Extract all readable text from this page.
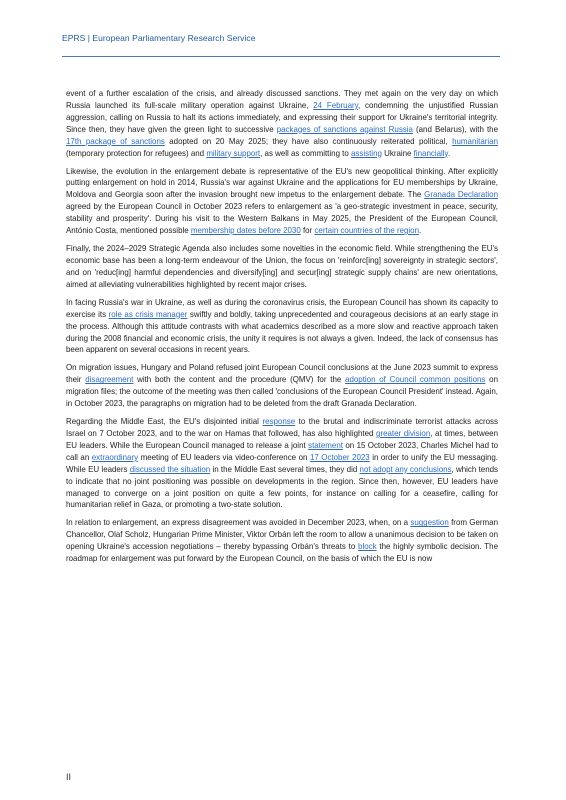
EPRS | European Parliamentary Research Service

event of a further escalation of the crisis, and already discussed sanctions. They met again on the very day on which Russia launched its full-scale military operation against Ukraine, 24 February, condemning the unjustified Russian aggression, calling on Russia to halt its actions immediately, and expressing their support for Ukraine's territorial integrity. Since then, they have given the green light to successive packages of sanctions against Russia (and Belarus), with the 17th package of sanctions adopted on 20 May 2025; they have also continuously reiterated political, humanitarian (temporary protection for refugees) and military support, as well as committing to assisting Ukraine financially.

Likewise, the evolution in the enlargement debate is representative of the EU's new geopolitical thinking. After explicitly putting enlargement on hold in 2014, Russia's war against Ukraine and the applications for EU memberships by Ukraine, Moldova and Georgia soon after the invasion brought new impetus to the enlargement debate. The Granada Declaration agreed by the European Council in October 2023 refers to enlargement as 'a geo-strategic investment in peace, security, stability and prosperity'. During his visit to the Western Balkans in May 2025, the President of the European Council, António Costa, mentioned possible membership dates before 2030 for certain countries of the region.

Finally, the 2024–2029 Strategic Agenda also includes some novelties in the economic field. While strengthening the EU's economic base has been a long-term endeavour of the Union, the focus on 'reinforc[ing] sovereignty in strategic sectors', and on 'reduc[ing] harmful dependencies and diversify[ing] and secur[ing] strategic supply chains' are new orientations, aimed at alleviating vulnerabilities highlighted by recent major crises.

In facing Russia's war in Ukraine, as well as during the coronavirus crisis, the European Council has shown its capacity to exercise its role as crisis manager swiftly and boldly, taking unprecedented and courageous decisions at an early stage in the process. Although this attitude contrasts with what academics described as a more slow and reactive approach taken during the 2008 financial and economic crisis, the unity it requires is not always a given. Indeed, the lack of consensus has been apparent on several occasions in recent years.

On migration issues, Hungary and Poland refused joint European Council conclusions at the June 2023 summit to express their disagreement with both the content and the procedure (QMV) for the adoption of Council common positions on migration files; the outcome of the meeting was then called 'conclusions of the European Council President' instead. Again, in October 2023, the paragraphs on migration had to be deleted from the draft Granada Declaration.

Regarding the Middle East, the EU's disjointed initial response to the brutal and indiscriminate terrorist attacks across Israel on 7 October 2023, and to the war on Hamas that followed, has also highlighted greater division, at times, between EU leaders. While the European Council managed to release a joint statement on 15 October 2023, Charles Michel had to call an extraordinary meeting of EU leaders via video-conference on 17 October 2023 in order to unify the EU messaging. While EU leaders discussed the situation in the Middle East several times, they did not adopt any conclusions, which tends to indicate that no joint positioning was possible on developments in the region. Since then, however, EU leaders have managed to converge on a joint position on quite a few points, for instance on calling for a ceasefire, calling for humanitarian relief in Gaza, or promoting a two-state solution.

In relation to enlargement, an express disagreement was avoided in December 2023, when, on a suggestion from German Chancellor, Olaf Scholz, Hungarian Prime Minister, Viktor Orbán left the room to allow a unanimous decision to be taken on opening Ukraine's accession negotiations – thereby bypassing Orbán's threats to block the highly symbolic decision. The roadmap for enlargement was put forward by the European Council, on the basis of which the EU is now

II
